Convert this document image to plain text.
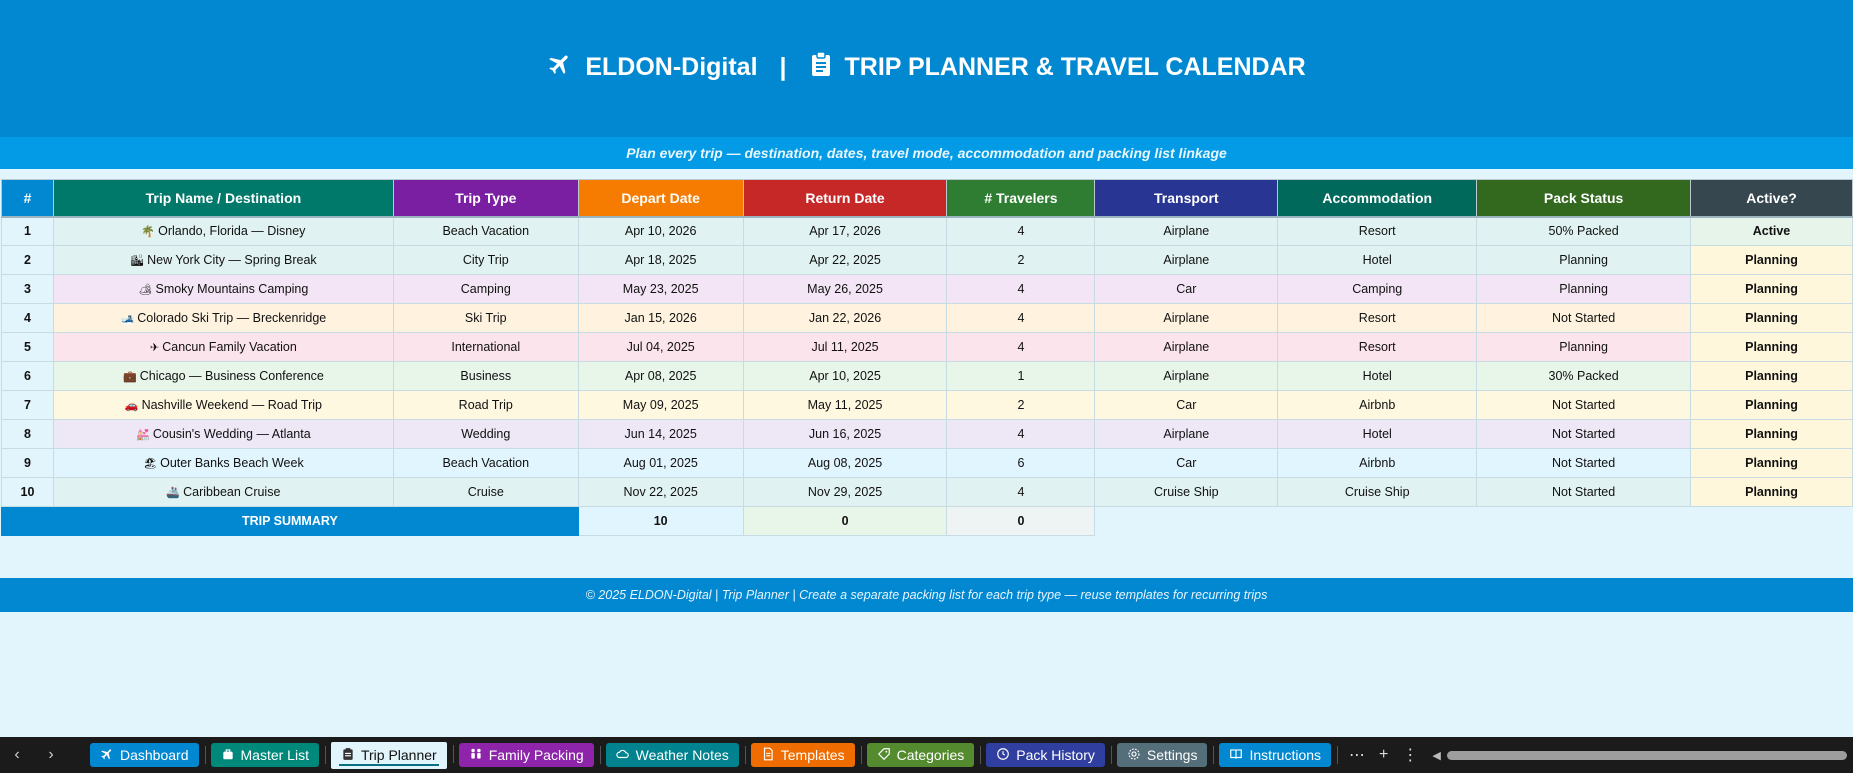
ELDON-Digital | TRIP PLANNER & TRAVEL CALENDAR
Plan every trip — destination, dates, travel mode, accommodation and packing list linkage
#	Trip Name / Destination	Trip Type	Depart Date	Return Date	# Travelers	Transport	Accommodation	Pack Status	Active?
1	🌴 Orlando, Florida — Disney	Beach Vacation	Apr 10, 2026	Apr 17, 2026	4	Airplane	Resort	50% Packed	Active
2	🏙 New York City — Spring Break	City Trip	Apr 18, 2025	Apr 22, 2025	2	Airplane	Hotel	Planning	Planning
3	🏕 Smoky Mountains Camping	Camping	May 23, 2025	May 26, 2025	4	Car	Camping	Planning	Planning
4	🎿 Colorado Ski Trip — Breckenridge	Ski Trip	Jan 15, 2026	Jan 22, 2026	4	Airplane	Resort	Not Started	Planning
5	✈ Cancun Family Vacation	International	Jul 04, 2025	Jul 11, 2025	4	Airplane	Resort	Planning	Planning
6	💼 Chicago — Business Conference	Business	Apr 08, 2025	Apr 10, 2025	1	Airplane	Hotel	30% Packed	Planning
7	🚗 Nashville Weekend — Road Trip	Road Trip	May 09, 2025	May 11, 2025	2	Car	Airbnb	Not Started	Planning
8	💒 Cousin's Wedding — Atlanta	Wedding	Jun 14, 2025	Jun 16, 2025	4	Airplane	Hotel	Not Started	Planning
9	🏖 Outer Banks Beach Week	Beach Vacation	Aug 01, 2025	Aug 08, 2025	6	Car	Airbnb	Not Started	Planning
10	🚢 Caribbean Cruise	Cruise	Nov 22, 2025	Nov 29, 2025	4	Cruise Ship	Cruise Ship	Not Started	Planning
TRIP SUMMARY			10	0	0				
© 2025 ELDON-Digital | Trip Planner | Create a separate packing list for each trip type — reuse templates for recurring trips
‹	›	Dashboard	Master List	Trip Planner	Family Packing	Weather Notes	Templates	Categories	Pack History	Settings	Instructions ⋯ + ⋮ ◀
